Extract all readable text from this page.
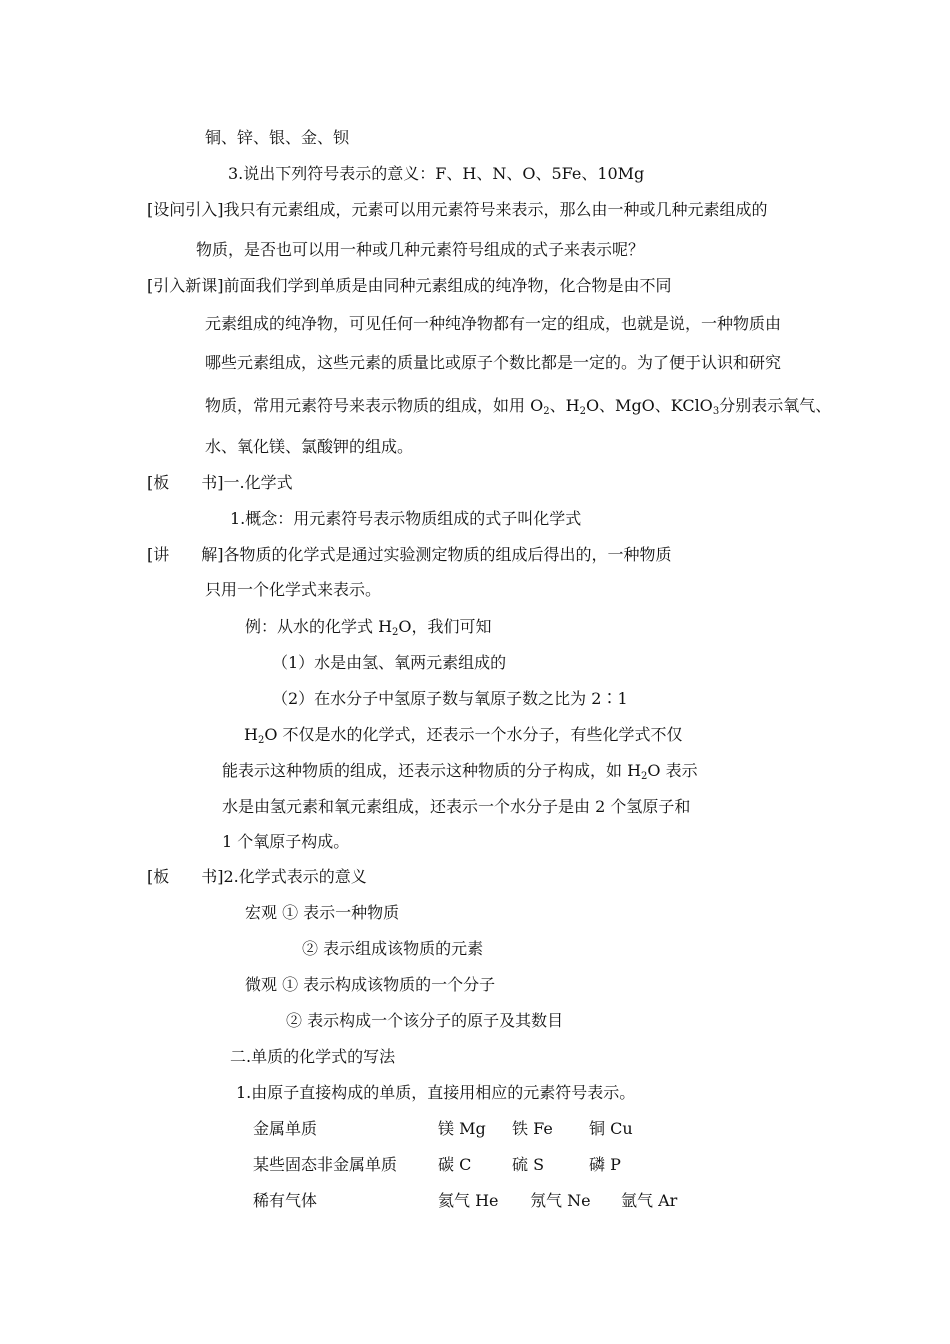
铜、锌、银、金、钡
3.说出下列符号表示的意义：F、H、N、O、5Fe、10Mg
[设问引入]我只有元素组成，元素可以用元素符号来表示，那么由一种或几种元素组成的
物质，是否也可以用一种或几种元素符号组成的式子来表示呢？
[引入新课]前面我们学到单质是由同种元素组成的纯净物，化合物是由不同
元素组成的纯净物，可见任何一种纯净物都有一定的组成，也就是说，一种物质由
哪些元素组成，这些元素的质量比或原子个数比都是一定的。为了便于认识和研究
物质，常用元素符号来表示物质的组成，如用 $O_2$、$H_2O$、MgO、KClO$_3$分别表示氧气、
水、氧化镁、氯酸钾的组成。
[板　　书]一.化学式
1.概念：用元素符号表示物质组成的式子叫化学式
[讲　　解]各物质的化学式是通过实验测定物质的组成后得出的，一种物质
只用一个化学式来表示。
例：从水的化学式 $H_2O$，我们可知
（1）水是由氢、氧两元素组成的
（2）在水分子中氢原子数与氧原子数之比为 2∶1
$H_2O$ 不仅是水的化学式，还表示一个水分子，有些化学式不仅
能表示这种物质的组成，还表示这种物质的分子构成，如 $H_2O$ 表示
水是由氢元素和氧元素组成，还表示一个水分子是由 2 个氢原子和
1 个氧原子构成。
[板　　书]2.化学式表示的意义
宏观 ① 表示一种物质
② 表示组成该物质的元素
微观 ① 表示构成该物质的一个分子
② 表示构成一个该分子的原子及其数目
二.单质的化学式的写法
1.由原子直接构成的单质，直接用相应的元素符号表示。
金属单质	镁 Mg 铁 Fe 铜 Cu
某些固态非金属单质	碳 C	硫 S	磷 P
稀有气体	氦气 He 氖气 Ne 氩气 Ar
